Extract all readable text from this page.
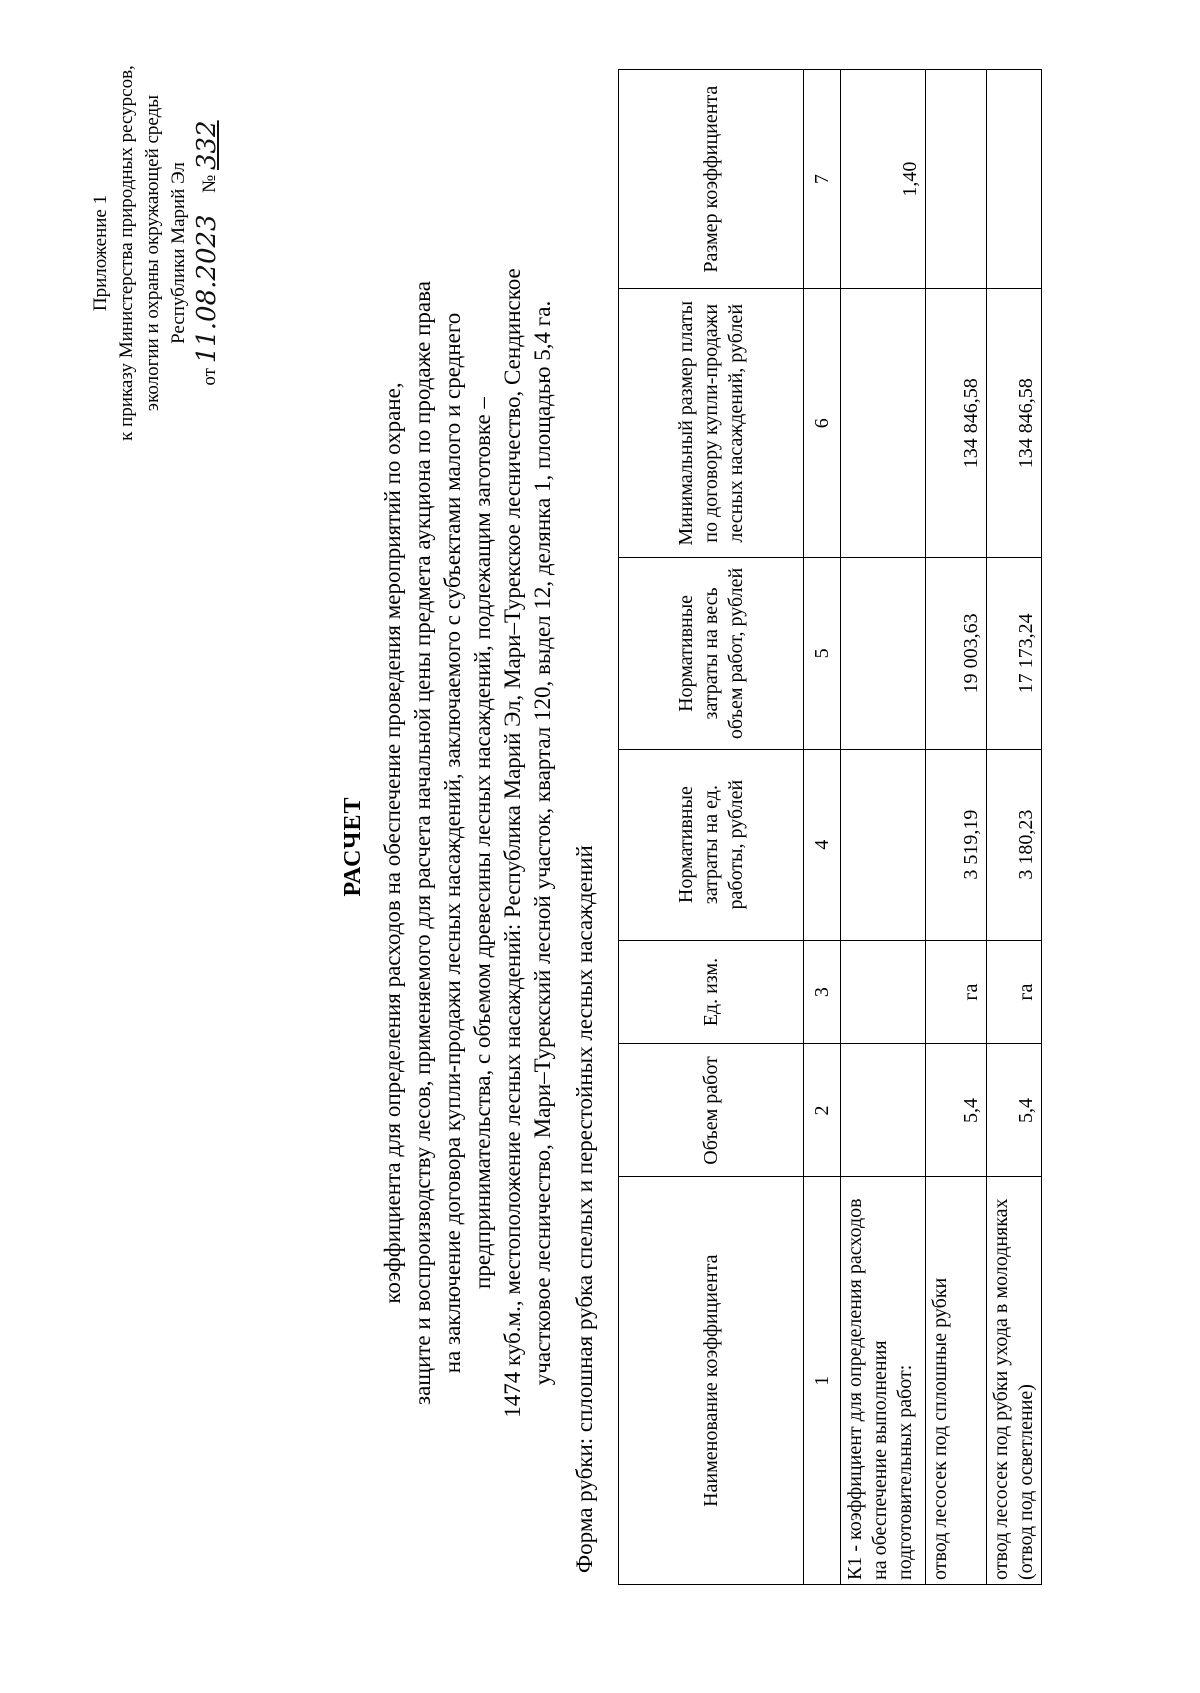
Приложение 1 к приказу Министерства природных ресурсов, экологии и охраны окружающей среды Республики Марий Эл
от 11.08.2023  № 332
РАСЧЕТ коэффициента для определения расходов на обеспечение проведения мероприятий по охране, защите и воспроизводству лесов, применяемого для расчета начальной цены предмета аукциона по продаже права на заключение договора купли-продажи лесных насаждений, заключаемого с субъектами малого и среднего предпринимательства, с объемом древесины лесных насаждений, подлежащим заготовке – 1474 куб.м., местоположение лесных насаждений: Республика Марий Эл, Мари–Турекское лесничество, Сендинское участковое лесничество, Мари–Турекский лесной участок, квартал 120, выдел 12, делянка 1, площадью 5,4 га. Форма рубки: сплошная рубка спелых и перестойных лесных насаждений	Наименование коэффициента	Объем работ	Ед. изм.	Нормативные затраты на ед. работы, рублей	Нормативные затраты на весь объем работ, рублей	Минимальный размер платы по договору купли-продажи лесных насаждений, рублей	Размер коэффициента
1	2	3	4	5	6	7
К1 - коэффициент для определения расходов на обеспечение выполнения подготовительных работ:						1,40
отвод лесосек под сплошные рубки	5,4	га	3 519,19	19 003,63	134 846,58	
отвод лесосек под рубки ухода в молодняках (отвод под осветление)	5,4	га	3 180,23	17 173,24	134 846,58	
